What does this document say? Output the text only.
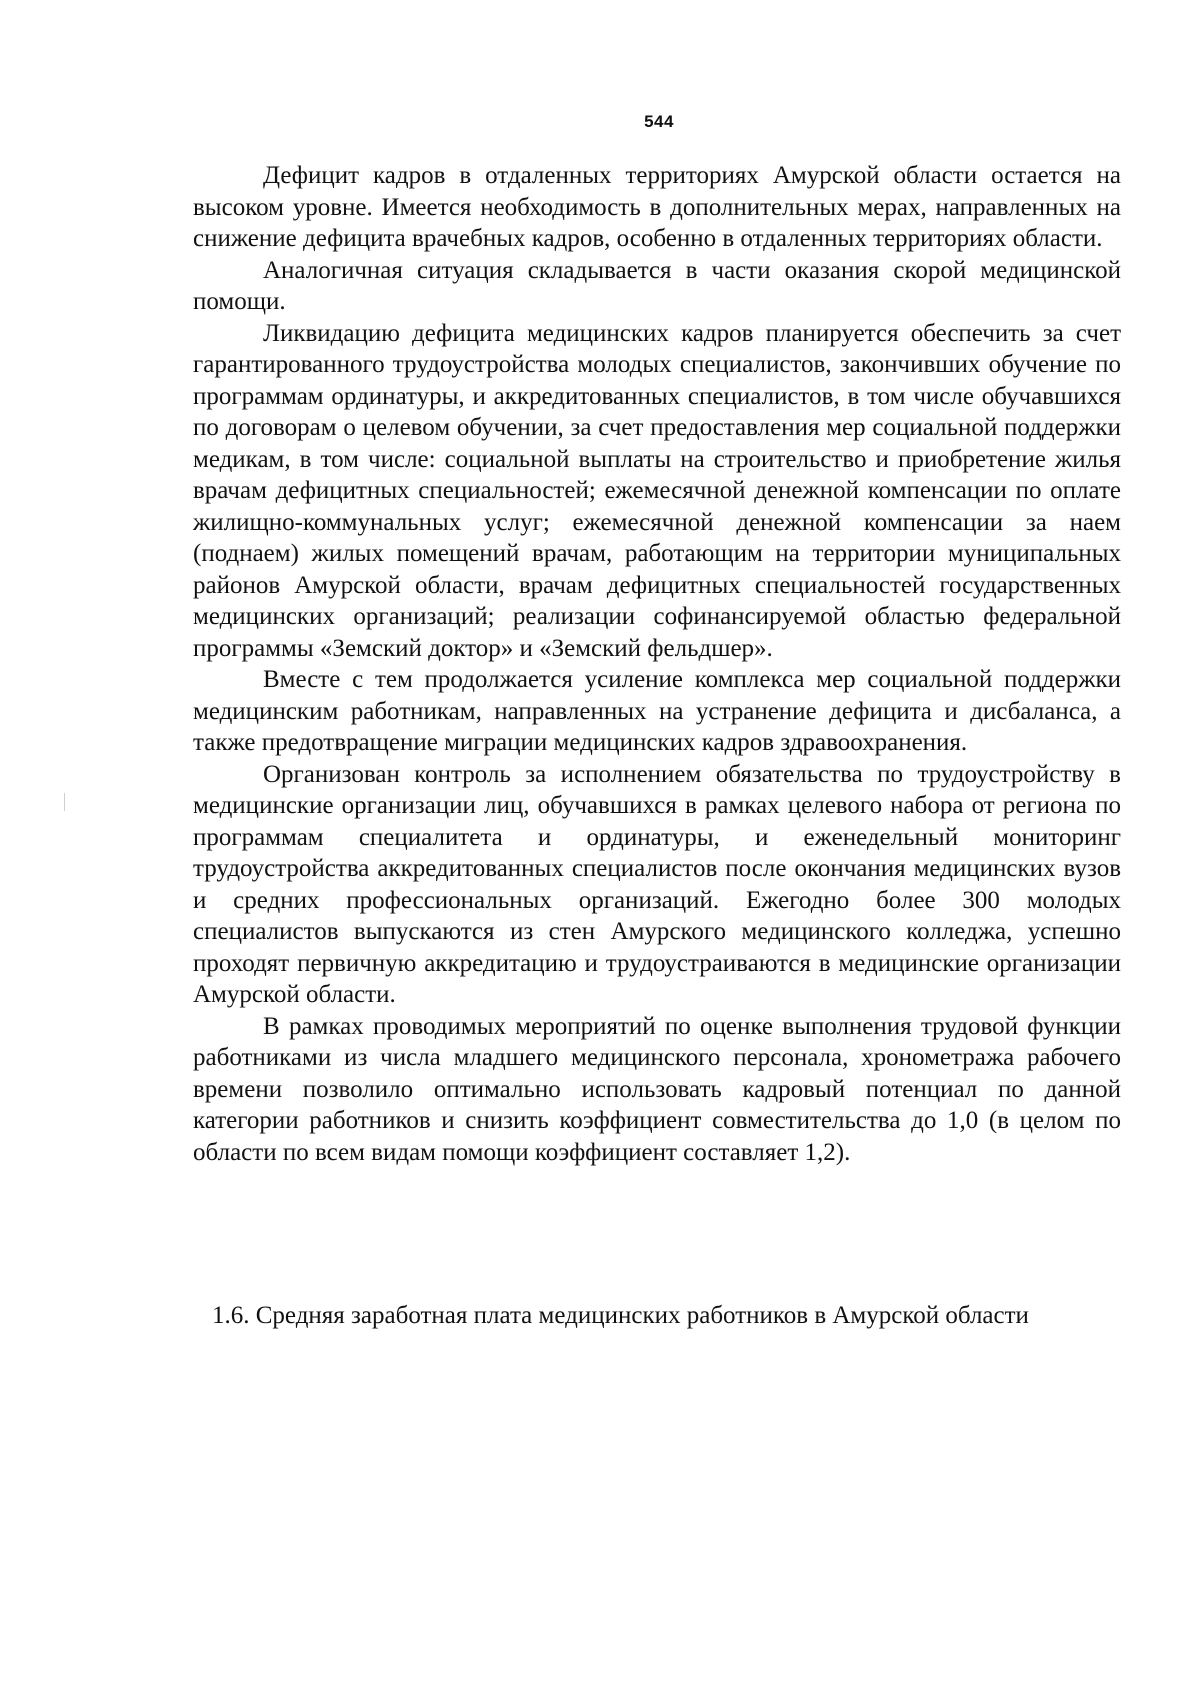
544

Дефицит кадров в отдаленных территориях Амурской области остается на высоком уровне. Имеется необходимость в дополнительных мерах, направленных на снижение дефицита врачебных кадров, особенно в отдаленных территориях области.

Аналогичная ситуация складывается в части оказания скорой медицинской помощи.

Ликвидацию дефицита медицинских кадров планируется обеспечить за счет гарантированного трудоустройства молодых специалистов, закончивших обучение по программам ординатуры, и аккредитованных специалистов, в том числе обучавшихся по договорам о целевом обучении, за счет предоставления мер социальной поддержки медикам, в том числе: социальной выплаты на строительство и приобретение жилья врачам дефицитных специальностей; ежемесячной денежной компенсации по оплате жилищно-коммунальных услуг; ежемесячной денежной компенсации за наем (поднаем) жилых помещений врачам, работающим на территории муниципальных районов Амурской области, врачам дефицитных специальностей государственных медицинских организаций; реализации софинансируемой областью федеральной программы «Земский доктор» и «Земский фельдшер».

Вместе с тем продолжается усиление комплекса мер социальной поддержки медицинским работникам, направленных на устранение дефицита и дисбаланса, а также предотвращение миграции медицинских кадров здравоохранения.

Организован контроль за исполнением обязательства по трудоустройству в медицинские организации лиц, обучавшихся в рамках целевого набора от региона по программам специалитета и ординатуры, и еженедельный мониторинг трудоустройства аккредитованных специалистов после окончания медицинских вузов и средних профессиональных организаций. Ежегодно более 300 молодых специалистов выпускаются из стен Амурского медицинского колледжа, успешно проходят первичную аккредитацию и трудоустраиваются в медицинские организации Амурской области.

В рамках проводимых мероприятий по оценке выполнения трудовой функции работниками из числа младшего медицинского персонала, хронометража рабочего времени позволило оптимально использовать кадровый потенциал по данной категории работников и снизить коэффициент совместительства до 1,0 (в целом по области по всем видам помощи коэффициент составляет 1,2).

1.6. Средняя заработная плата медицинских работников в Амурской области
